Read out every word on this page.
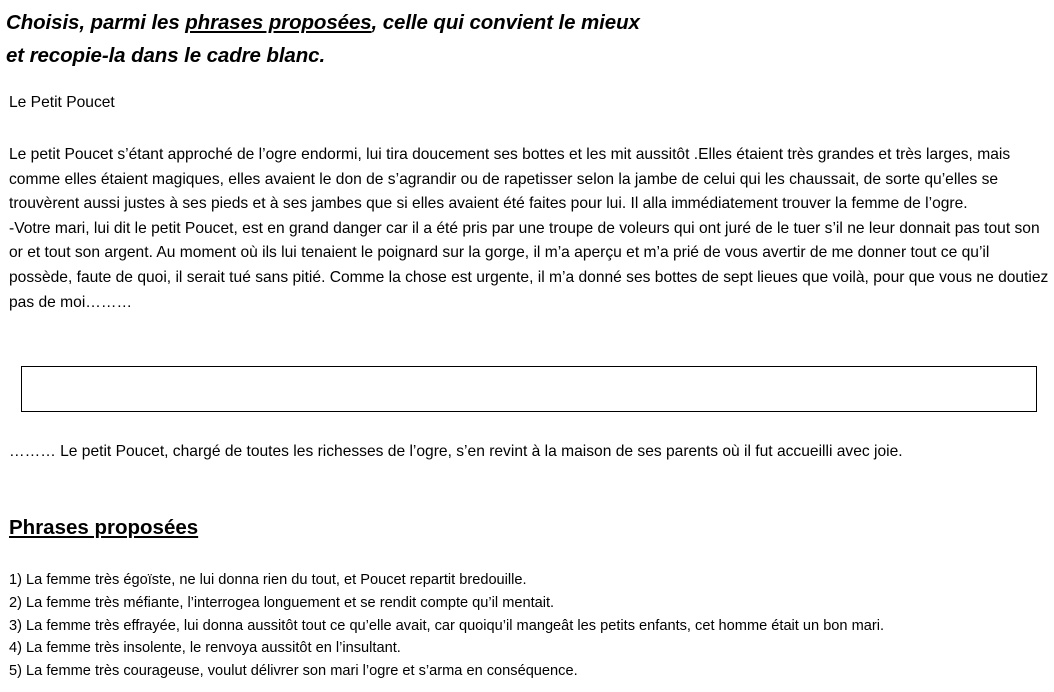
Choisis, parmi les phrases proposées, celle qui convient le mieux
et recopie-la dans le cadre blanc.
Le Petit Poucet

Le petit Poucet s’étant approché de l’ogre endormi, lui tira doucement ses bottes et les mit aussitôt .Elles étaient très grandes et très larges, mais comme elles étaient magiques, elles avaient le don de s’agrandir ou de rapetisser selon la jambe de celui qui les chaussait, de sorte qu’elles se trouvèrent aussi justes à ses pieds et à ses jambes que si elles avaient été faites pour lui. Il alla immédiatement trouver la femme de l’ogre.

-Votre mari, lui dit le petit Poucet, est en grand danger car il a été pris par une troupe de voleurs qui ont juré de le tuer s’il ne leur donnait pas tout son or et tout son argent. Au moment où ils lui tenaient le poignard sur la gorge, il m’a aperçu et m’a prié de vous avertir de me donner tout ce qu’il possède, faute de quoi, il serait tué sans pitié. Comme la chose est urgente, il m’a donné ses bottes de sept lieues que voilà, pour que vous ne doutiez pas de moi………

……… Le petit Poucet, chargé de toutes les richesses de l’ogre, s’en revint à la maison de ses parents où il fut accueilli avec joie.
Phrases proposées
1) La femme très égoïste, ne lui donna rien du tout, et Poucet repartit bredouille.
2) La femme très méfiante, l’interrogea longuement et se rendit compte qu’il mentait.
3) La femme très effrayée, lui donna aussitôt tout ce qu’elle avait, car quoiqu’il mangeât les petits enfants, cet homme était un bon mari.
4) La femme très insolente, le renvoya aussitôt en l’insultant.
5) La femme très courageuse, voulut délivrer son mari l’ogre et s’arma en conséquence.
